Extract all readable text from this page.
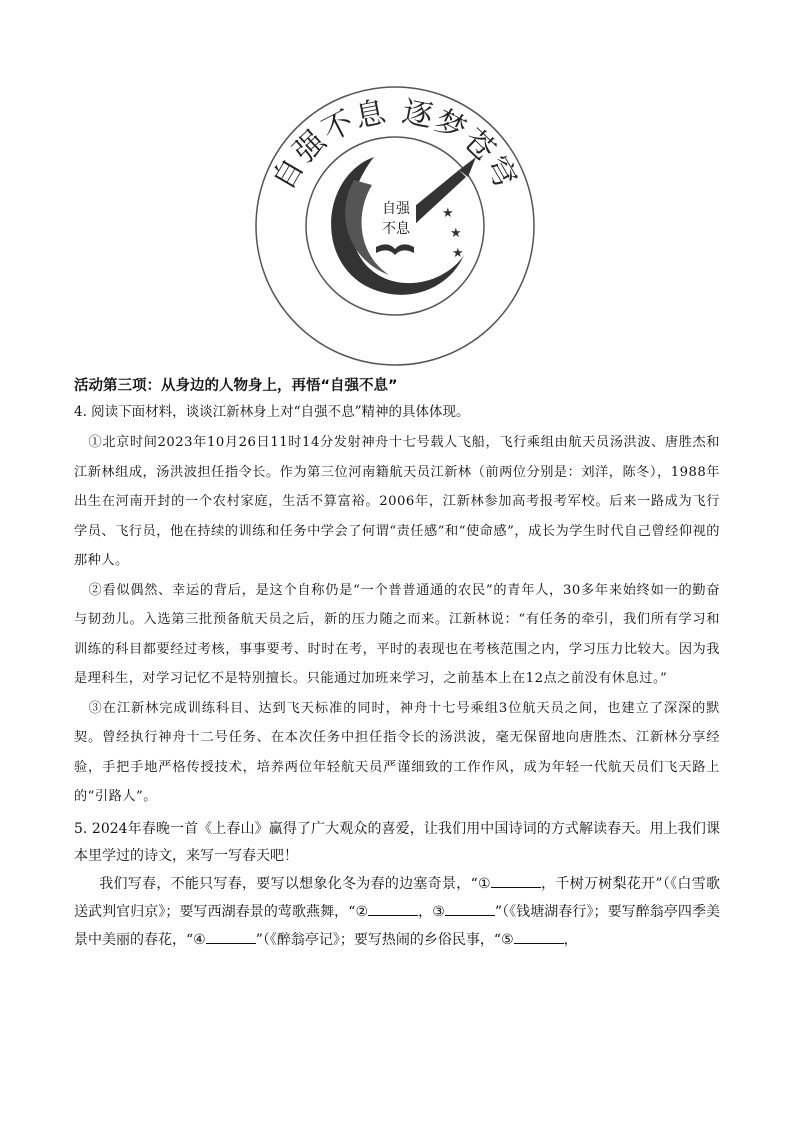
自强不息 逐梦苍穹
★
★
★
自强
不息

活动第三项：从身边的人物身上，再悟“自强不息”

4. 阅读下面材料，谈谈江新林身上对“自强不息”精神的具体体现。

①北京时间2023年10月26日11时14分发射神舟十七号载人飞船，飞行乘组由航天员汤洪波、唐胜杰和江新林组成，汤洪波担任指令长。作为第三位河南籍航天员江新林（前两位分别是：刘洋，陈冬），1988年出生在河南开封的一个农村家庭，生活不算富裕。2006年，江新林参加高考报考军校。后来一路成为飞行学员、飞行员，他在持续的训练和任务中学会了何谓“责任感”和“使命感”，成长为学生时代自己曾经仰视的那种人。

②看似偶然、幸运的背后，是这个自称仍是“一个普普通通的农民”的青年人，30多年来始终如一的勤奋与韧劲儿。入选第三批预备航天员之后，新的压力随之而来。江新林说：“有任务的牵引，我们所有学习和训练的科目都要经过考核，事事要考、时时在考，平时的表现也在考核范围之内，学习压力比较大。因为我是理科生，对学习记忆不是特别擅长。只能通过加班来学习，之前基本上在12点之前没有休息过。”

③在江新林完成训练科目、达到飞天标准的同时，神舟十七号乘组3位航天员之间，也建立了深深的默契。曾经执行神舟十二号任务、在本次任务中担任指令长的汤洪波，毫无保留地向唐胜杰、江新林分享经验，手把手地严格传授技术，培养两位年轻航天员严谨细致的工作作风，成为年轻一代航天员们飞天路上的“引路人”。

5. 2024年春晚一首《上春山》赢得了广大观众的喜爱，让我们用中国诗词的方式解读春天。用上我们课本里学过的诗文，来写一写春天吧！

我们写春，不能只写春，要写以想象化冬为春的边塞奇景，“①	，千树万树梨花开”（《白雪歌送武判官归京》；要写西湖春景的莺歌燕舞，“②	，③	”（《钱塘湖春行》；要写醉翁亭四季美景中美丽的春花，“④	”（《醉翁亭记》；要写热闹的乡俗民事，“⑤	，
